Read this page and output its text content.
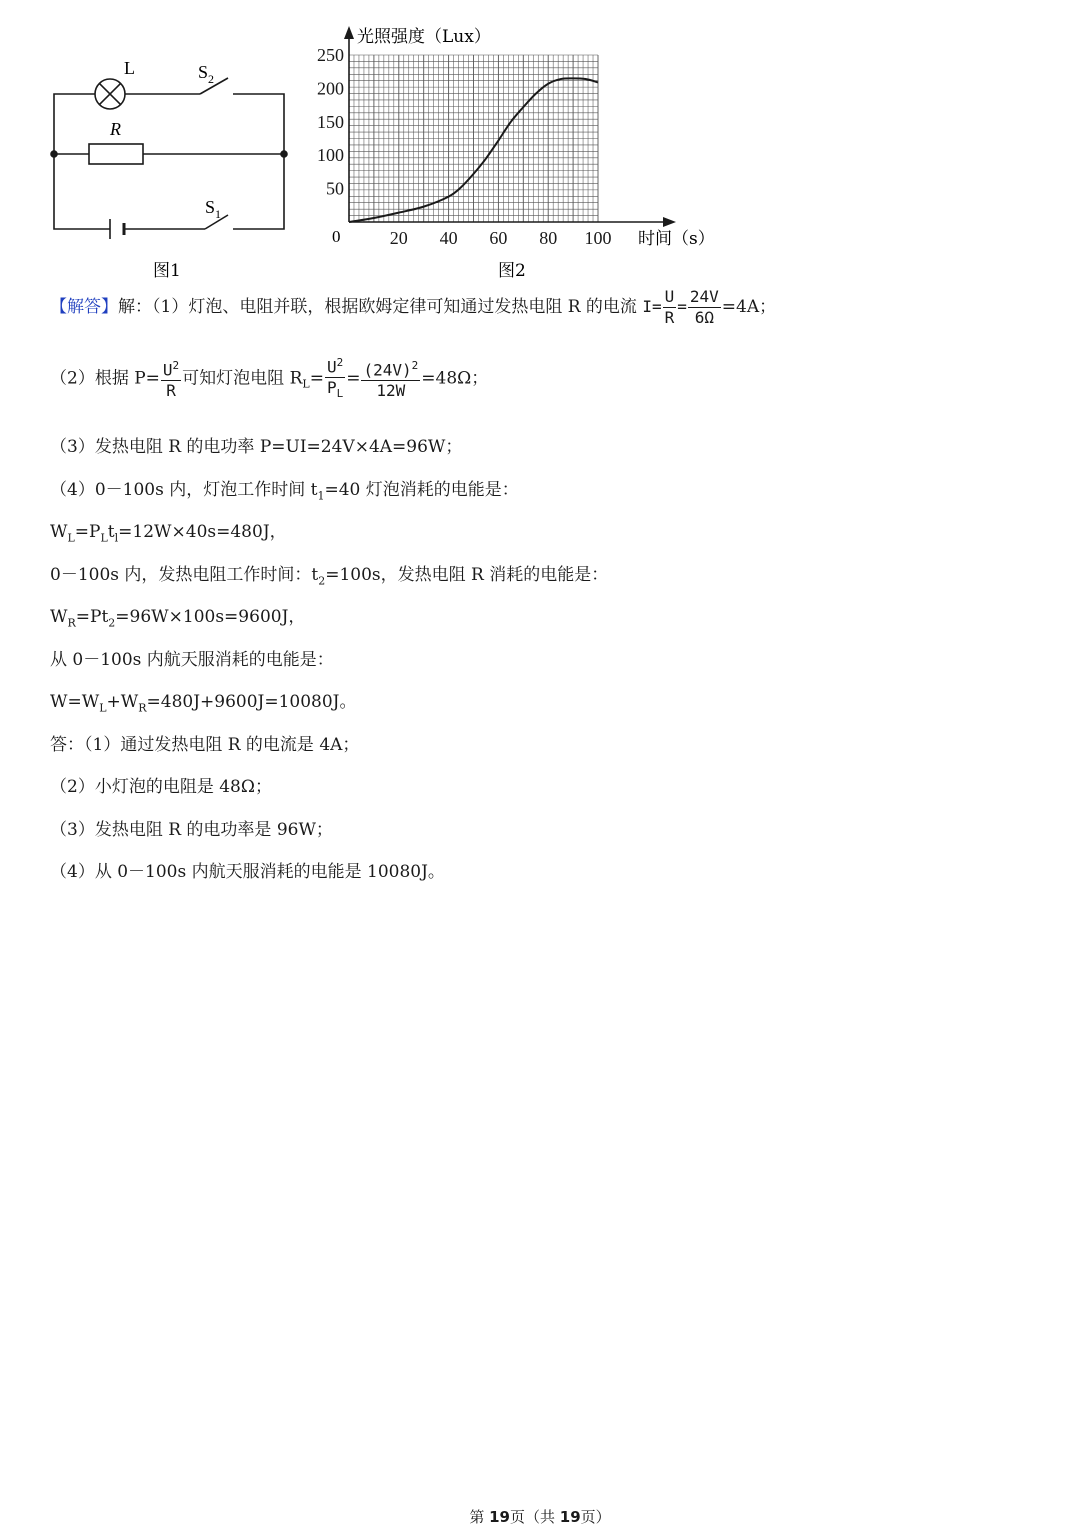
L
R
$S_2$
$S_1$
图1
20 40 60 80 100
50
100
150
200
250
光照强度（Lux）
时间（s）
0
图2
【解答】解：（1）灯泡、电阻并联，根据欧姆定律可知通过发热电阻 R 的电流 $I= \frac{U}{R} = \frac{24V}{6\Omega} =4A$；
（2）根据 $P= \frac{U^2}{R}$ 可知灯泡电阻 $R_L= \frac{U^2}{P_L} = \frac{(24V)^2}{12W} =48\Omega$；
（3）发热电阻 R 的电功率 P=UI=24V×4A=96W；
（4）0－100s 内，灯泡工作时间 $t_1=40$ 灯泡消耗的电能是：
$W_L=P_Lt_l=12W\times 40s=480J$，
0－100s 内，发热电阻工作时间：$t_2=100s$，发热电阻 R 消耗的电能是：
$W_R=Pt_2=96W\times 100s=9600J$，
从 0－100s 内航天服消耗的电能是：
$W=W_L+W_R=480J+9600J=10080J$。
答：（1）通过发热电阻 R 的电流是 4A；
（2）小灯泡的电阻是 48Ω；
（3）发热电阻 R 的电功率是 96W；
（4）从 0－100s 内航天服消耗的电能是 10080J。
第 19页（共 19页）
